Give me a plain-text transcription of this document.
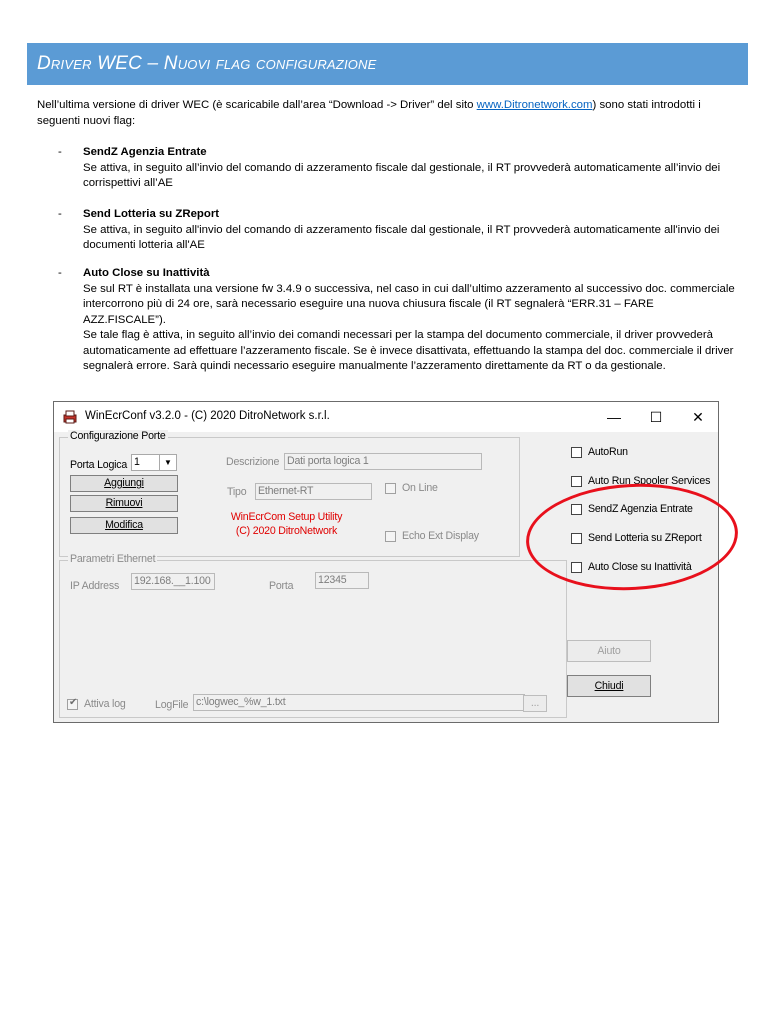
Driver WEC – Nuovi flag configurazione

Nell’ultima versione di driver WEC (è scaricabile dall’area “Download -> Driver” del sito www.Ditronetwork.com) sono stati introdotti i seguenti nuovi flag:

- SendZ Agenzia Entrate
Se attiva, in seguito all’invio del comando di azzeramento fiscale dal gestionale, il RT provvederà automaticamente all’invio dei corrispettivi all’AE
- Send Lotteria su ZReport
Se attiva, in seguito all'invio del comando di azzeramento fiscale dal gestionale, il RT provvederà automaticamente all'invio dei documenti lotteria all'AE
- Auto Close su Inattività
Se sul RT è installata una versione fw 3.4.9 o successiva, nel caso in cui dall’ultimo azzeramento al successivo doc. commerciale intercorrono più di 24 ore, sarà necessario eseguire una nuova chiusura fiscale (il RT segnalerà “ERR.31 – FARE AZZ.FISCALE”).
Se tale flag è attiva, in seguito all’invio dei comandi necessari per la stampa del documento commerciale, il driver provvederà automaticamente ad effettuare l’azzeramento fiscale. Se è invece disattivata, effettuando la stampa del doc. commerciale il driver segnalerà errore. Sarà quindi necessario eseguire manualmente l’azzeramento direttamente da RT o da gestionale.
WinEcrConf v3.2.0 - (C) 2020 DitroNetwork s.r.l.	—	☐	✕
Configurazione Porte
Porta Logica 1	▼
Aggiungi
Rimuovi
Modifica
Descrizione Dati porta logica 1
Tipo Ethernet-RT	On Line
WinEcrCom Setup Utility
(C) 2020 DitroNetwork	Echo Ext Display
Parametri Ethernet
IP Address 192.168.__1.100	Porta 12345
✔ Attiva log	LogFile c:\logwec_%w_1.txt	...
AutoRun
Auto Run Spooler Services
SendZ Agenzia Entrate
Send Lotteria su ZReport
Auto Close su Inattività
Aiuto
Chiudi
